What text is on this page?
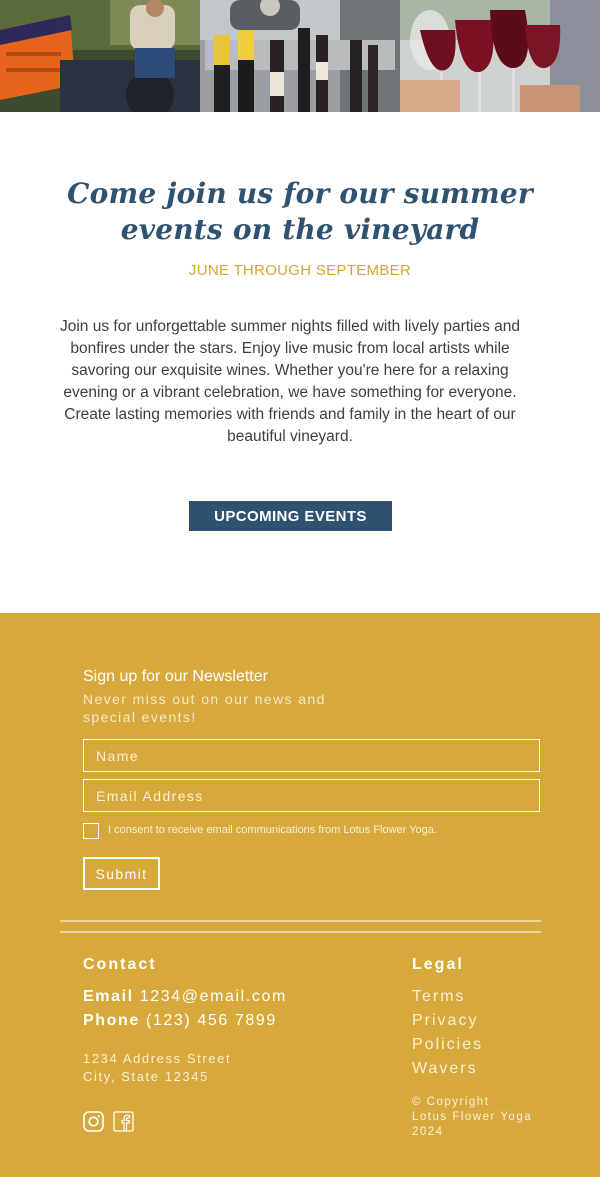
Come join us for our summer events on the vineyard
JUNE THROUGH SEPTEMBER

Join us for unforgettable summer nights filled with lively parties and bonfires under the stars. Enjoy live music from local artists while savoring our exquisite wines. Whether you're here for a relaxing evening or a vibrant celebration, we have something for everyone. Create lasting memories with friends and family in the heart of our beautiful vineyard.

UPCOMING EVENTS
Sign up for our Newsletter
Never miss out on our news and special events!
Name
Email Address
I consent to receive email communications from Lotus Flower Yoga.
Submit
Contact
Email 1234@email.com
Phone (123) 456 7899
1234 Address Street
City, State 12345
Legal
Terms
Privacy
Policies
Wavers
© Copyright
Lotus Flower Yoga
2024
